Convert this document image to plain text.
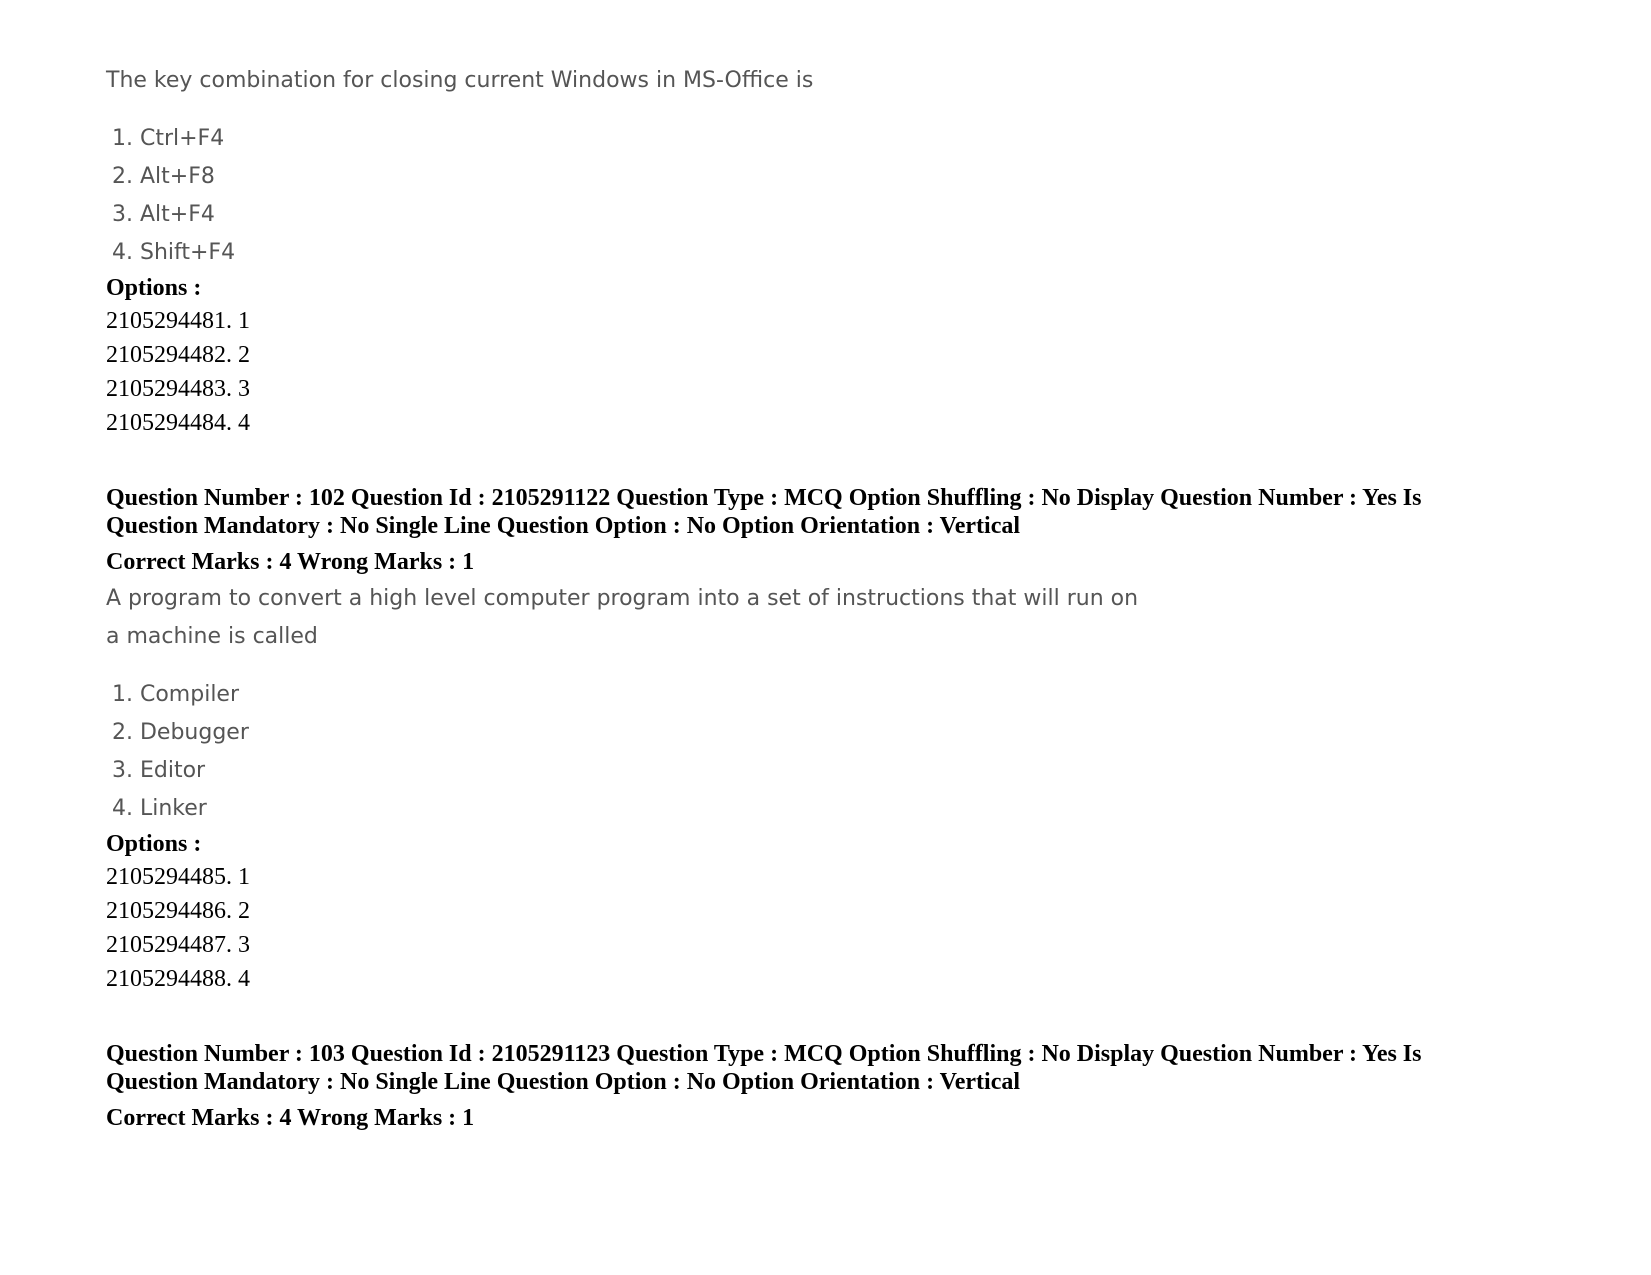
The key combination for closing current Windows in MS-Office is

1. Ctrl+F4
2. Alt+F8
3. Alt+F4
4. Shift+F4

Options :

2105294481. 1

2105294482. 2

2105294483. 3

2105294484. 4

Question Number : 102 Question Id : 2105291122 Question Type : MCQ Option Shuffling : No Display Question Number : Yes Is

Question Mandatory : No Single Line Question Option : No Option Orientation : Vertical

Correct Marks : 4 Wrong Marks : 1

A program to convert a high level computer program into a set of instructions that will run on

a machine is called

1. Compiler
2. Debugger
3. Editor
4. Linker

Options :

2105294485. 1

2105294486. 2

2105294487. 3

2105294488. 4

Question Number : 103 Question Id : 2105291123 Question Type : MCQ Option Shuffling : No Display Question Number : Yes Is

Question Mandatory : No Single Line Question Option : No Option Orientation : Vertical

Correct Marks : 4 Wrong Marks : 1
